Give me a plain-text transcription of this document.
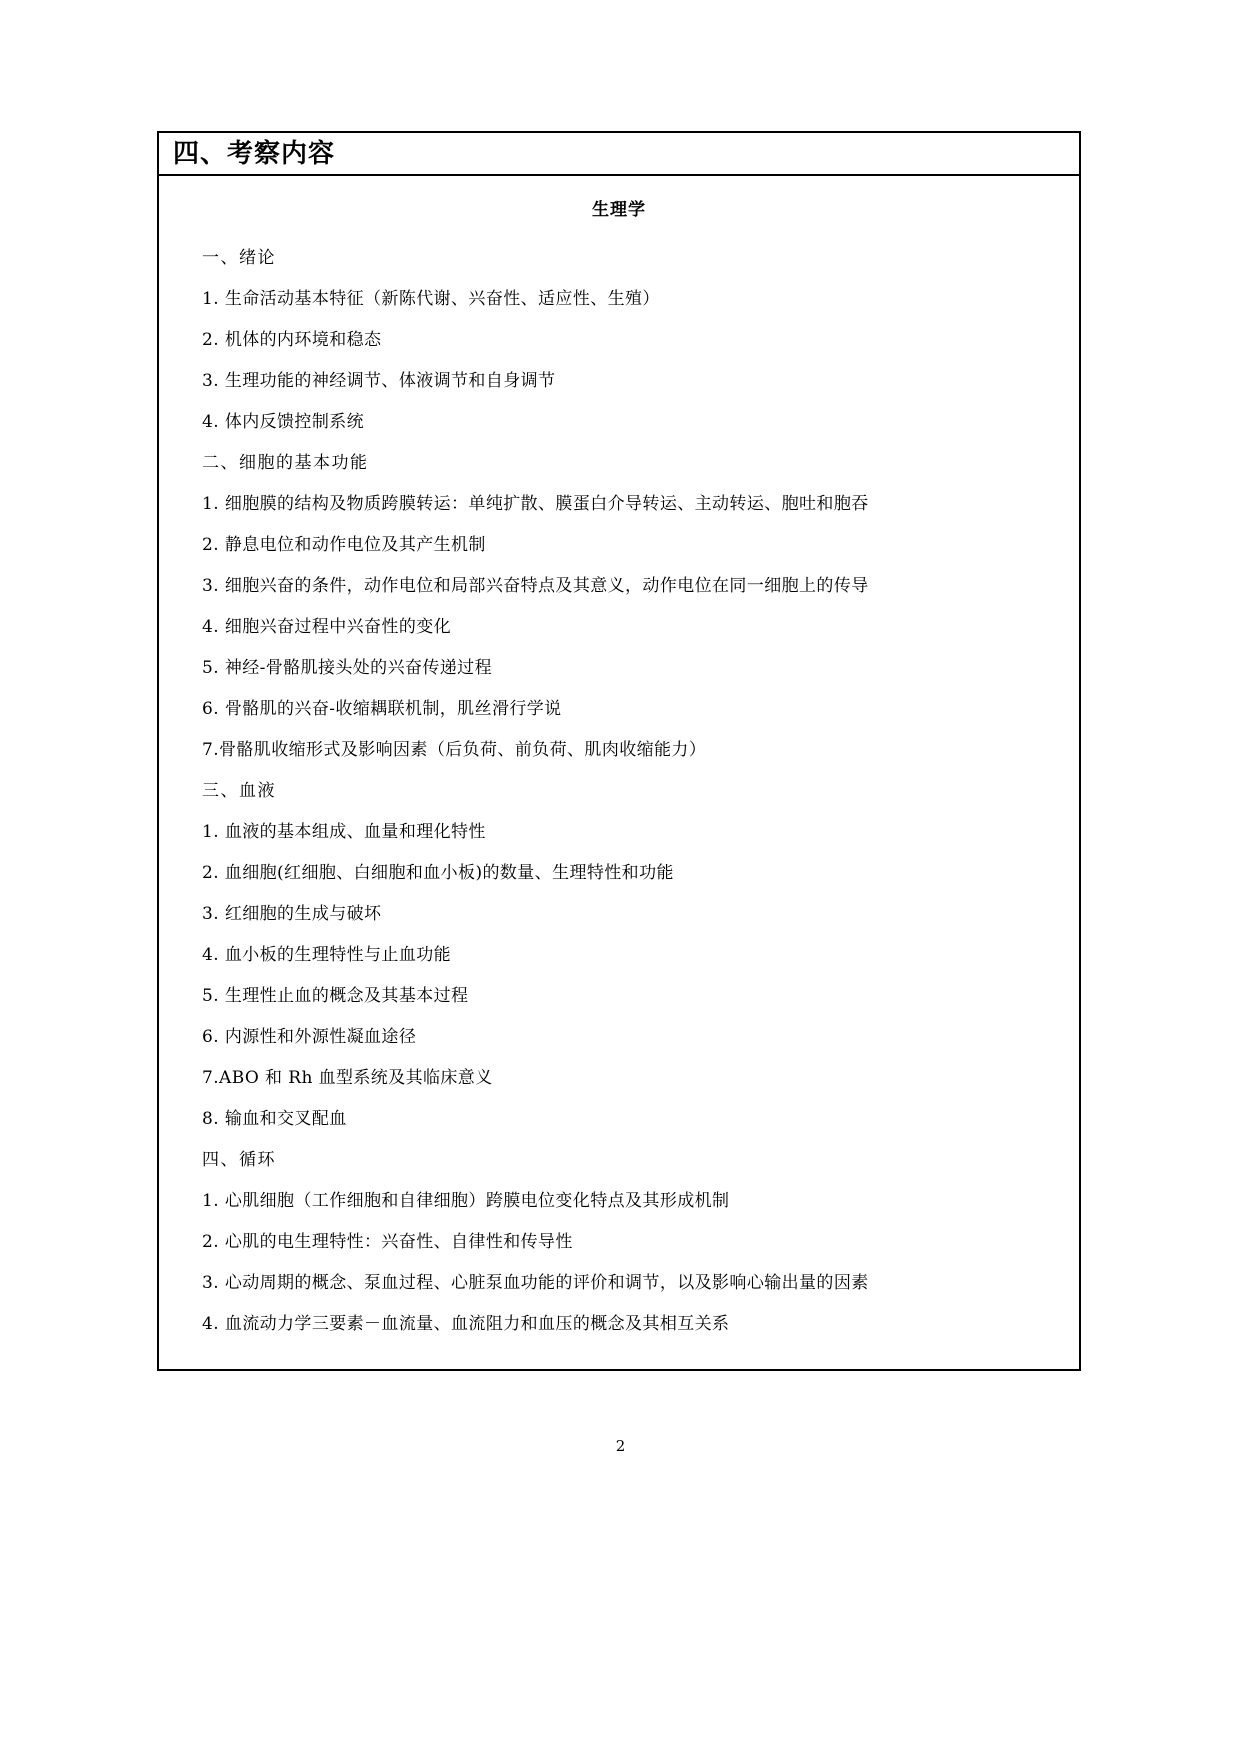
四、考察内容
生理学
一、绪论
1. 生命活动基本特征（新陈代谢、兴奋性、适应性、生殖）
2. 机体的内环境和稳态
3. 生理功能的神经调节、体液调节和自身调节
4. 体内反馈控制系统
二、细胞的基本功能
1. 细胞膜的结构及物质跨膜转运：单纯扩散、膜蛋白介导转运、主动转运、胞吐和胞吞
2. 静息电位和动作电位及其产生机制
3. 细胞兴奋的条件，动作电位和局部兴奋特点及其意义，动作电位在同一细胞上的传导
4. 细胞兴奋过程中兴奋性的变化
5. 神经-骨骼肌接头处的兴奋传递过程
6. 骨骼肌的兴奋-收缩耦联机制，肌丝滑行学说
7.骨骼肌收缩形式及影响因素（后负荷、前负荷、肌肉收缩能力）
三、血液
1. 血液的基本组成、血量和理化特性
2. 血细胞(红细胞、白细胞和血小板)的数量、生理特性和功能
3. 红细胞的生成与破坏
4. 血小板的生理特性与止血功能
5. 生理性止血的概念及其基本过程
6. 内源性和外源性凝血途径
7.ABO 和 Rh 血型系统及其临床意义
8. 输血和交叉配血
四、循环
1. 心肌细胞（工作细胞和自律细胞）跨膜电位变化特点及其形成机制
2. 心肌的电生理特性：兴奋性、自律性和传导性
3. 心动周期的概念、泵血过程、心脏泵血功能的评价和调节，以及影响心输出量的因素
4. 血流动力学三要素－血流量、血流阻力和血压的概念及其相互关系
2
